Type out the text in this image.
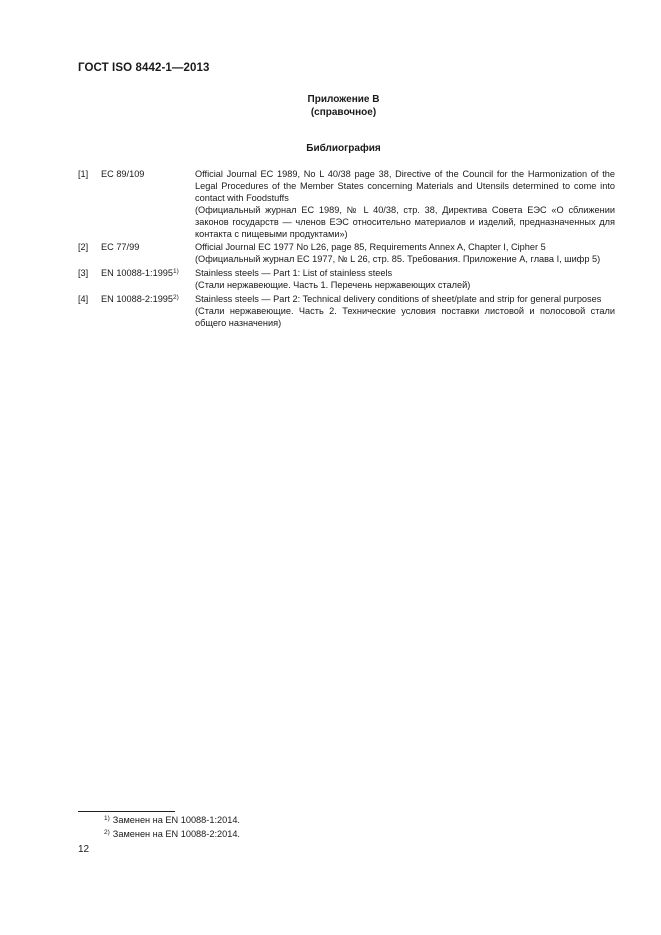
ГОСТ ISO 8442-1—2013
Приложение В
(справочное)
Библиография
[1]	ЕС 89/109	Official Journal EC 1989, No L 40/38 page 38, Directive of the Council for the Harmonization of the Legal Procedures of the Member States concerning Materials and Utensils determined to come into contact with Foodstuffs
(Официальный журнал ЕС 1989, № L 40/38, стр. 38, Директива Совета ЕЭС «О сближении законов государств — членов ЕЭС относительно материалов и изделий, предназначенных для контакта с пищевыми продуктами»)
[2]	ЕС 77/99	Official Journal EC 1977 No L26, page 85, Requirements Annex A, Chapter I, Cipher 5
(Официальный журнал ЕС 1977, № L 26, стр. 85. Требования. Приложение А, глава I, шифр 5)
[3]	EN 10088-1:1995$^{1)}$	Stainless steels — Part 1: List of stainless steels
(Стали нержавеющие. Часть 1. Перечень нержавеющих сталей)
[4]	EN 10088-2:1995$^{2)}$	Stainless steels — Part 2: Technical delivery conditions of sheet/plate and strip for general purposes
(Стали нержавеющие. Часть 2. Технические условия поставки листовой и полосовой стали общего назначения)
$^{1)}$ Заменен на EN 10088-1:2014.
$^{2)}$ Заменен на EN 10088-2:2014.
12
